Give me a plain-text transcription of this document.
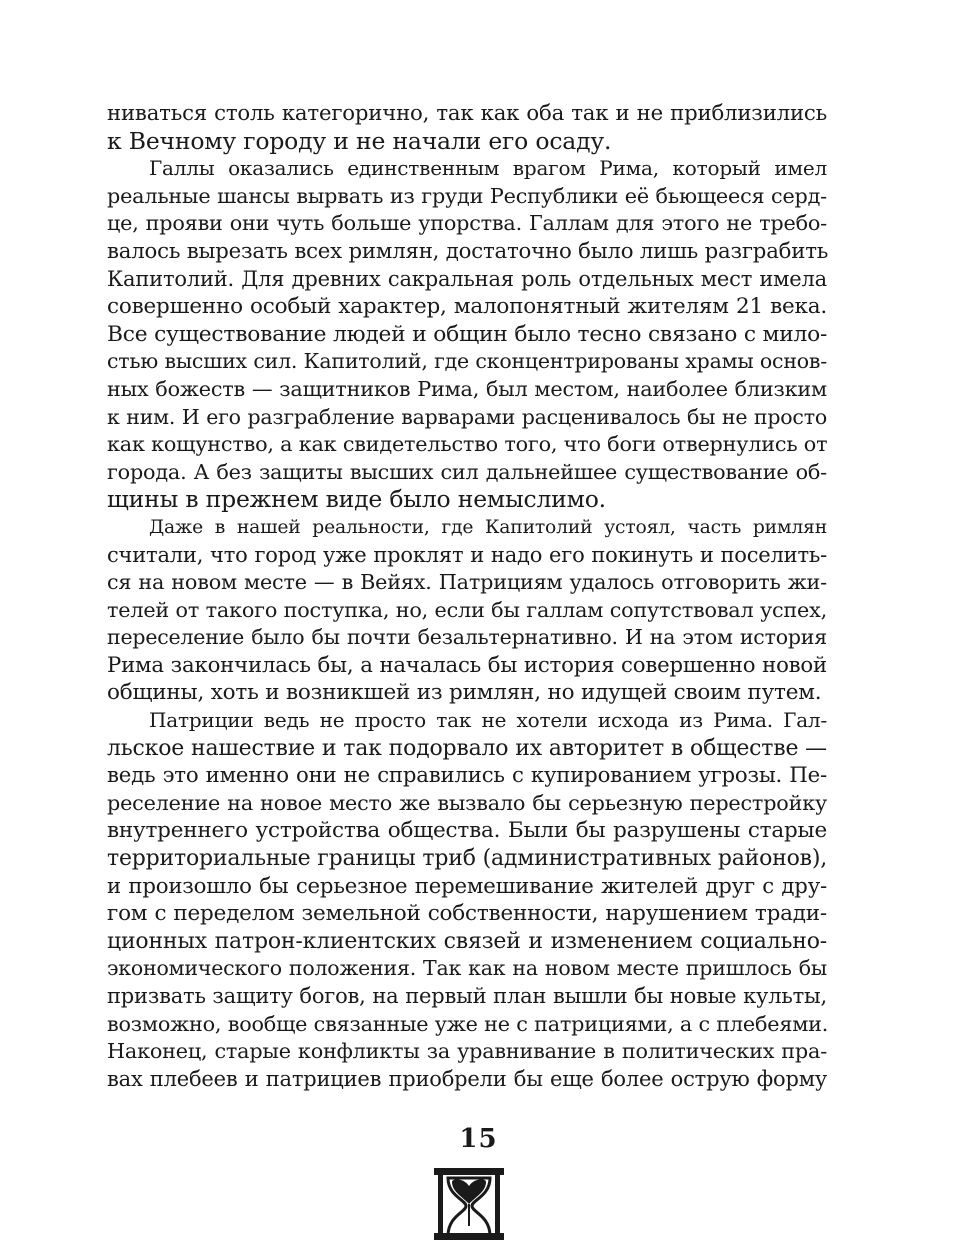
ниваться столь категорично, так как оба так и не приблизились
к Вечному городу и не начали его осаду.
Галлы оказались единственным врагом Рима, который имел
реальные шансы вырвать из груди Республики её бьющееся серд-
це, прояви они чуть больше упорства. Галлам для этого не требо-
валось вырезать всех римлян, достаточно было лишь разграбить
Капитолий. Для древних сакральная роль отдельных мест имела
совершенно особый характер, малопонятный жителям 21 века.
Все существование людей и общин было тесно связано с мило-
стью высших сил. Капитолий, где сконцентрированы храмы основ-
ных божеств — защитников Рима, был местом, наиболее близким
к ним. И его разграбление варварами расценивалось бы не просто
как кощунство, а как свидетельство того, что боги отвернулись от
города. А без защиты высших сил дальнейшее существование об-
щины в прежнем виде было немыслимо.
Даже в нашей реальности, где Капитолий устоял, часть римлян
считали, что город уже проклят и надо его покинуть и поселить-
ся на новом месте — в Вейях. Патрициям удалось отговорить жи-
телей от такого поступка, но, если бы галлам сопутствовал успех,
переселение было бы почти безальтернативно. И на этом история
Рима закончилась бы, а началась бы история совершенно новой
общины, хоть и возникшей из римлян, но идущей своим путем.
Патриции ведь не просто так не хотели исхода из Рима. Гал-
льское нашествие и так подорвало их авторитет в обществе —
ведь это именно они не справились с купированием угрозы. Пе-
реселение на новое место же вызвало бы серьезную перестройку
внутреннего устройства общества. Были бы разрушены старые
территориальные границы триб (административных районов),
и произошло бы серьезное перемешивание жителей друг с дру-
гом с переделом земельной собственности, нарушением тради-
ционных патрон-клиентских связей и изменением социально-
экономического положения. Так как на новом месте пришлось бы
призвать защиту богов, на первый план вышли бы новые культы,
возможно, вообще связанные уже не с патрициями, а с плебеями.
Наконец, старые конфликты за уравнивание в политических пра-
вах плебеев и патрициев приобрели бы еще более острую форму
15
